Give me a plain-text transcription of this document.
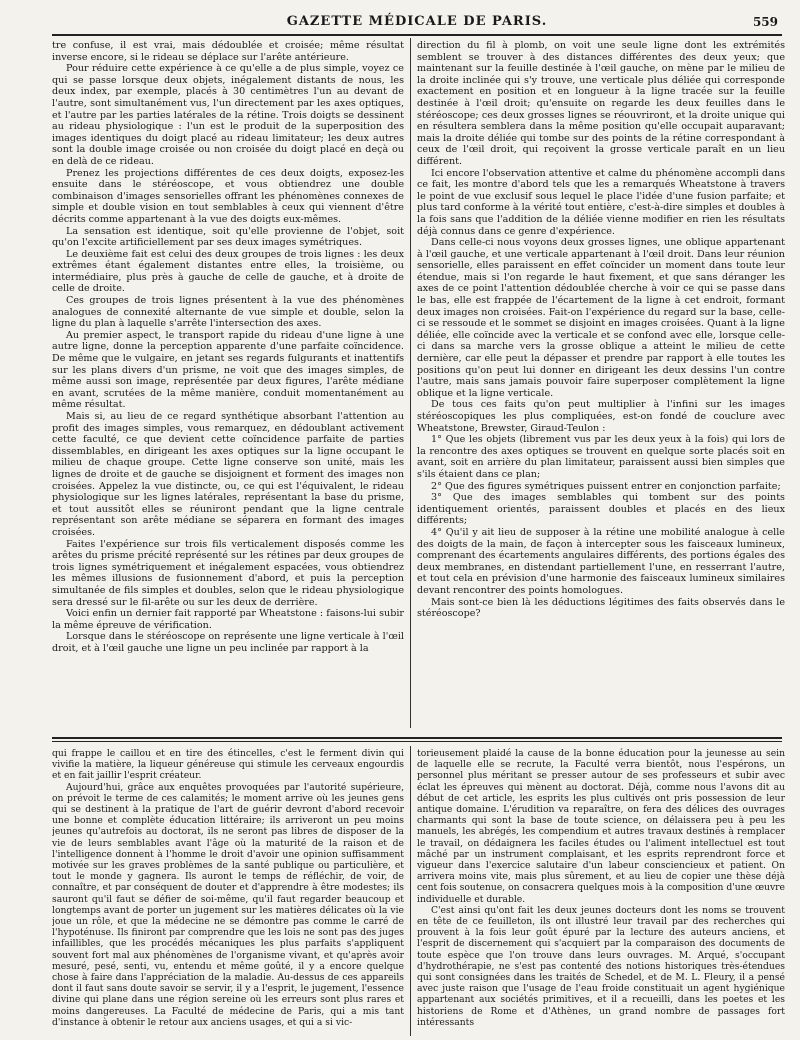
GAZETTE MÉDICALE DE PARIS.	559

tre confuse, il est vrai, mais dédoublée et croisée; même résultat inverse encore, si le rideau se déplace sur l'arête antérieure.

Pour réduire cette expérience à ce qu'elle a de plus simple, voyez ce qui se passe lorsque deux objets, inégalement distants de nous, les deux index, par exemple, placés à 30 centimètres l'un au devant de l'autre, sont simultanément vus, l'un directement par les axes optiques, et l'autre par les parties latérales de la rétine. Trois doigts se dessinent au rideau physiologique : l'un est le produit de la superposition des images identiques du doigt placé au rideau limitateur; les deux autres sont la double image croisée ou non croisée du doigt placé en deçà ou en delà de ce rideau.

Prenez les projections différentes de ces deux doigts, exposez-les ensuite dans le stéréoscope, et vous obtiendrez une double combinaison d'images sensorielles offrant les phénomènes connexes de simple et double vision en tout semblables à ceux qui viennent d'être décrits comme appartenant à la vue des doigts eux-mêmes.

La sensation est identique, soit qu'elle provienne de l'objet, soit qu'on l'excite artificiellement par ses deux images symétriques.

Le deuxième fait est celui des deux groupes de trois lignes : les deux extrêmes étant également distantes entre elles, la troisième, ou intermédiaire, plus près à gauche de celle de gauche, et à droite de celle de droite.

Ces groupes de trois lignes présentent à la vue des phénomènes analogues de connexité alternante de vue simple et double, selon la ligne du plan à laquelle s'arrête l'intersection des axes.

Au premier aspect, le transport rapide du rideau d'une ligne à une autre ligne, donne la perception apparente d'une parfaite coïncidence. De même que le vulgaire, en jetant ses regards fulgurants et inattentifs sur les plans divers d'un prisme, ne voit que des images simples, de même aussi son image, représentée par deux figures, l'arête médiane en avant, scrutées de la même manière, conduit momentanément au même résultat.

Mais si, au lieu de ce regard synthétique absorbant l'attention au profit des images simples, vous remarquez, en dédoublant activement cette faculté, ce que devient cette coïncidence parfaite de parties dissemblables, en dirigeant les axes optiques sur la ligne occupant le milieu de chaque groupe. Cette ligne conserve son unité, mais les lignes de droite et de gauche se disjoignent et forment des images non croisées. Appelez la vue distincte, ou, ce qui est l'équivalent, le rideau physiologique sur les lignes latérales, représentant la base du prisme, et tout aussitôt elles se réuniront pendant que la ligne centrale représentant son arête médiane se séparera en formant des images croisées.

Faites l'expérience sur trois fils verticalement disposés comme les arêtes du prisme précité représenté sur les rétines par deux groupes de trois lignes symétriquement et inégalement espacées, vous obtiendrez les mêmes illusions de fusionnement d'abord, et puis la perception simultanée de fils simples et doubles, selon que le rideau physiologique sera dressé sur le fil-arête ou sur les deux de derrière.

Voici enfin un dernier fait rapporté par Wheatstone : faisons-lui subir la même épreuve de vérification.

Lorsque dans le stéréoscope on représente une ligne verticale à l'œil droit, et à l'œil gauche une ligne un peu inclinée par rapport à la

direction du fil à plomb, on voit une seule ligne dont les extrémités semblent se trouver à des distances différentes des deux yeux; que maintenant sur la feuille destinée à l'œil gauche, on mène par le milieu de la droite inclinée qui s'y trouve, une verticale plus déliée qui corresponde exactement en position et en longueur à la ligne tracée sur la feuille destinée à l'œil droit; qu'ensuite on regarde les deux feuilles dans le stéréoscope; ces deux grosses lignes se réouvriront, et la droite unique qui en résultera semblera dans la même position qu'elle occupait auparavant; mais la droite déliée qui tombe sur des points de la rétine correspondant à ceux de l'œil droit, qui reçoivent la grosse verticale paraît en un lieu différent.

Ici encore l'observation attentive et calme du phénomène accompli dans ce fait, les montre d'abord tels que les a remarqués Wheatstone à travers le point de vue exclusif sous lequel le place l'idée d'une fusion parfaite; et plus tard conforme à la vérité tout entière, c'est-à-dire simples et doubles à la fois sans que l'addition de la déliée vienne modifier en rien les résultats déjà connus dans ce genre d'expérience.

Dans celle-ci nous voyons deux grosses lignes, une oblique appartenant à l'œil gauche, et une verticale appartenant à l'œil droit. Dans leur réunion sensorielle, elles paraissent en effet coïncider un moment dans toute leur étendue, mais si l'on regarde le haut fixement, et que sans déranger les axes de ce point l'attention dédoublée cherche à voir ce qui se passe dans le bas, elle est frappée de l'écartement de la ligne à cet endroit, formant deux images non croisées. Fait-on l'expérience du regard sur la base, celle-ci se ressoude et le sommet se disjoint en images croisées. Quant à la ligne déliée, elle coïncide avec la verticale et se confond avec elle, lorsque celle-ci dans sa marche vers la grosse oblique a atteint le milieu de cette dernière, car elle peut la dépasser et prendre par rapport à elle toutes les positions qu'on peut lui donner en dirigeant les deux dessins l'un contre l'autre, mais sans jamais pouvoir faire superposer complètement la ligne oblique et la ligne verticale.

De tous ces faits qu'on peut multiplier à l'infini sur les images stéréoscopiques les plus compliquées, est-on fondé de couclure avec Wheatstone, Brewster, Giraud-Teulon :

1° Que les objets (librement vus par les deux yeux à la fois) qui lors de la rencontre des axes optiques se trouvent en quelque sorte placés soit en avant, soit en arrière du plan limitateur, paraissent aussi bien simples que s'ils étaient dans ce plan;

2° Que des figures symétriques puissent entrer en conjonction parfaite;

3° Que des images semblables qui tombent sur des points identiquement orientés, paraissent doubles et placés en des lieux différents;

4° Qu'il y ait lieu de supposer à la rétine une mobilité analogue à celle des doigts de la main, de façon à intercepter sous les faisceaux lumineux, comprenant des écartements angulaires différents, des portions égales des deux membranes, en distendant partiellement l'une, en resserrant l'autre, et tout cela en prévision d'une harmonie des faisceaux lumineux similaires devant rencontrer des points homologues.

Mais sont-ce bien là les déductions légitimes des faits observés dans le stéréoscope?

qui frappe le caillou et en tire des étincelles, c'est le ferment divin qui vivifie la matière, la liqueur généreuse qui stimule les cerveaux engourdis et en fait jaillir l'esprit créateur.

Aujourd'hui, grâce aux enquêtes provoquées par l'autorité supérieure, on prévoit le terme de ces calamités; le moment arrive où les jeunes gens qui se destinent à la pratique de l'art de guérir devront d'abord recevoir une bonne et complète éducation littéraire; ils arriveront un peu moins jeunes qu'autrefois au doctorat, ils ne seront pas libres de disposer de la vie de leurs semblables avant l'âge où la maturité de la raison et de l'intelligence donnent à l'homme le droit d'avoir une opinion suffisamment motivée sur les graves problèmes de la santé publique ou particulière, et tout le monde y gagnera. Ils auront le temps de réfléchir, de voir, de connaître, et par conséquent de douter et d'apprendre à être modestes; ils sauront qu'il faut se défier de soi-même, qu'il faut regarder beaucoup et longtemps avant de porter un jugement sur les matières délicates où la vie joue un rôle, et que la médecine ne se démontre pas comme le carré de l'hypoténuse. Ils finiront par comprendre que les lois ne sont pas des juges infaillibles, que les procédés mécaniques les plus parfaits s'appliquent souvent fort mal aux phénomènes de l'organisme vivant, et qu'après avoir mesuré, pesé, senti, vu, entendu et même goûté, il y a encore quelque chose à faire dans l'appréciation de la maladie. Au-dessus de ces appareils dont il faut sans doute savoir se servir, il y a l'esprit, le jugement, l'essence divine qui plane dans une région sereine où les erreurs sont plus rares et moins dangereuses. La Faculté de médecine de Paris, qui a mis tant d'instance à obtenir le retour aux anciens usages, et qui a si vic-

torieusement plaidé la cause de la bonne éducation pour la jeunesse au sein de laquelle elle se recrute, la Faculté verra bientôt, nous l'espérons, un personnel plus méritant se presser autour de ses professeurs et subir avec éclat les épreuves qui mènent au doctorat. Déjà, comme nous l'avons dit au début de cet article, les esprits les plus cultivés ont pris possession de leur antique domaine. L'érudition va reparaître, on fera des délices des ouvrages charmants qui sont la base de toute science, on délaissera peu à peu les manuels, les abrégés, les compendium et autres travaux destinés à remplacer le travail, on dédaignera les faciles études ou l'aliment intellectuel est tout mâché par un instrument complaisant, et les esprits reprendront force et vigueur dans l'exercice salutaire d'un labeur consciencieux et patient. On arrivera moins vite, mais plus sûrement, et au lieu de copier une thèse déjà cent fois soutenue, on consacrera quelques mois à la composition d'une œuvre individuelle et durable.

C'est ainsi qu'ont fait les deux jeunes docteurs dont les noms se trouvent en tête de ce feuilleton, ils ont illustré leur travail par des recherches qui prouvent à la fois leur goût épuré par la lecture des auteurs anciens, et l'esprit de discernement qui s'acquiert par la comparaison des documents de toute espèce que l'on trouve dans leurs ouvrages. M. Arqué, s'occupant d'hydrothérapie, ne s'est pas contenté des notions historiques très-étendues qui sont consignées dans les traités de Schedel, et de M. L. Fleury, il a pensé avec juste raison que l'usage de l'eau froide constituait un agent hygiénique appartenant aux sociétés primitives, et il a recueilli, dans les poetes et les historiens de Rome et d'Athènes, un grand nombre de passages fort intéressants
